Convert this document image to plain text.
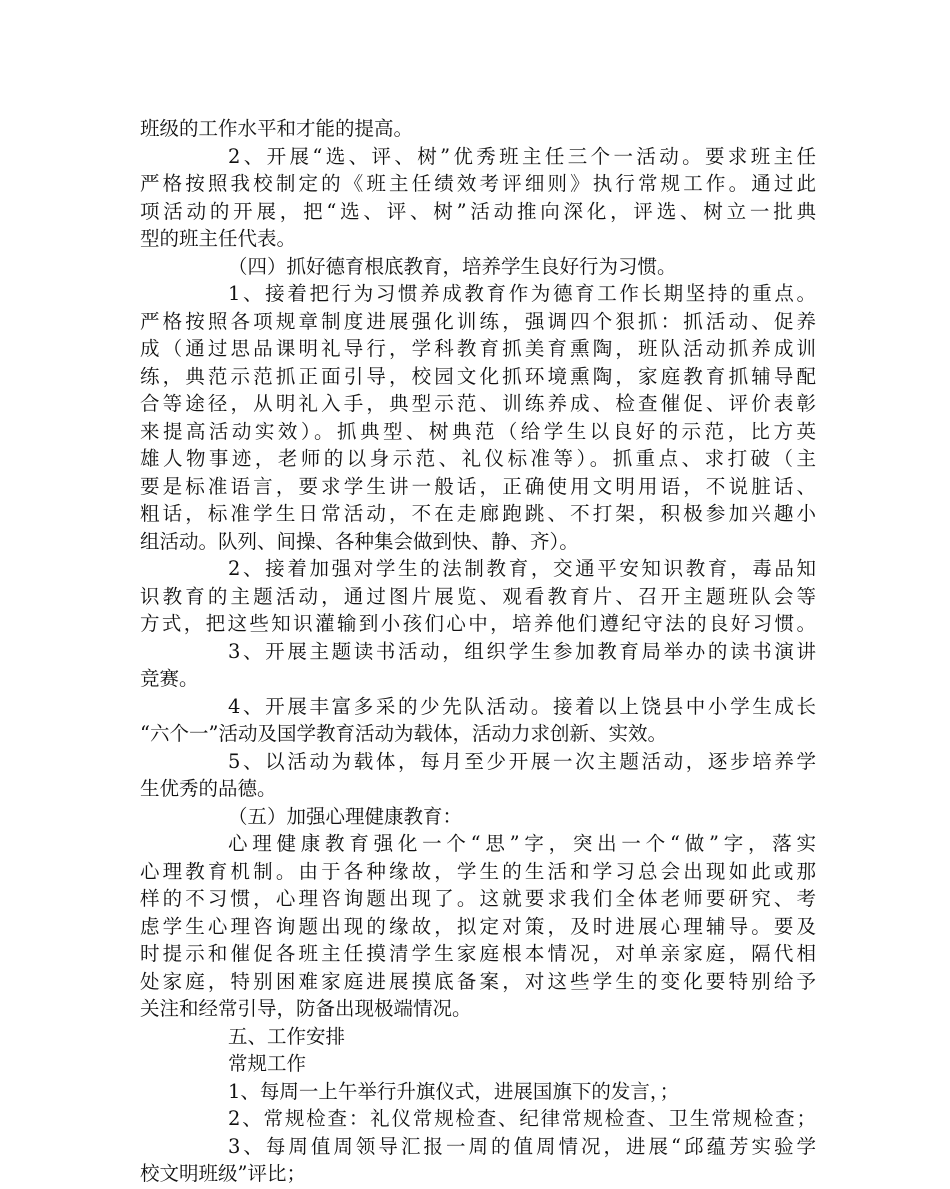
班级的工作水平和才能的提高。
2、开展“选、评、树”优秀班主任三个一活动。要求班主任
严格按照我校制定的《班主任绩效考评细则》执行常规工作。通过此
项活动的开展，把“选、评、树”活动推向深化，评选、树立一批典
型的班主任代表。
（四）抓好德育根底教育，培养学生良好行为习惯。
1、接着把行为习惯养成教育作为德育工作长期坚持的重点。
严格按照各项规章制度进展强化训练，强调四个狠抓：抓活动、促养
成（通过思品课明礼导行，学科教育抓美育熏陶，班队活动抓养成训
练，典范示范抓正面引导，校园文化抓环境熏陶，家庭教育抓辅导配
合等途径，从明礼入手，典型示范、训练养成、检查催促、评价表彰
来提高活动实效）。抓典型、树典范（给学生以良好的示范，比方英
雄人物事迹，老师的以身示范、礼仪标准等）。抓重点、求打破（主
要是标准语言，要求学生讲一般话，正确使用文明用语，不说脏话、
粗话，标准学生日常活动，不在走廊跑跳、不打架，积极参加兴趣小
组活动。队列、间操、各种集会做到快、静、齐）。
2、接着加强对学生的法制教育，交通平安知识教育，毒品知
识教育的主题活动，通过图片展览、观看教育片、召开主题班队会等
方式，把这些知识灌输到小孩们心中，培养他们遵纪守法的良好习惯。
3、开展主题读书活动，组织学生参加教育局举办的读书演讲
竞赛。
4、开展丰富多采的少先队活动。接着以上饶县中小学生成长
“六个一”活动及国学教育活动为载体，活动力求创新、实效。
5、以活动为载体，每月至少开展一次主题活动，逐步培养学
生优秀的品德。
（五）加强心理健康教育：
心理健康教育强化一个“思”字，突出一个“做”字，落实
心理教育机制。由于各种缘故，学生的生活和学习总会出现如此或那
样的不习惯，心理咨询题出现了。这就要求我们全体老师要研究、考
虑学生心理咨询题出现的缘故，拟定对策，及时进展心理辅导。要及
时提示和催促各班主任摸清学生家庭根本情况，对单亲家庭，隔代相
处家庭，特别困难家庭进展摸底备案，对这些学生的变化要特别给予
关注和经常引导，防备出现极端情况。
五、工作安排
常规工作
1、每周一上午举行升旗仪式，进展国旗下的发言，；
2、常规检查：礼仪常规检查、纪律常规检查、卫生常规检查；
3、每周值周领导汇报一周的值周情况，进展“邱蕴芳实验学
校文明班级”评比；
